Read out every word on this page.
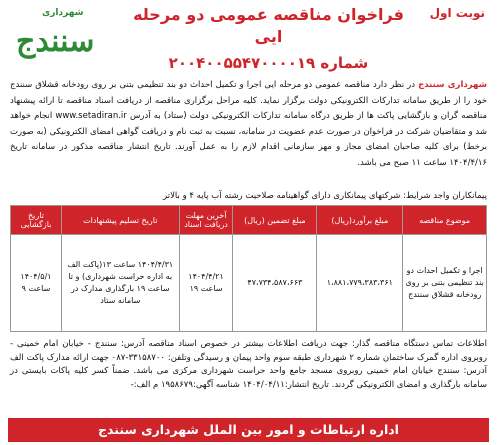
نوبت اول
فراخوان مناقصه عمومی دو مرحله ایی
شماره ۲۰۰۴۰۰۵۵۴۷۰۰۰۰۱۹
شهرداری
سنندج
شهرداری سنندج در نظر دارد مناقصه عمومی دو مرحله ایی اجرا و تکمیل احداث دو بند تنظیمی بتنی بر روی رودخانه قشلاق سنندج خود را از طریق سامانه تدارکات الکترونیکی دولت برگزار نماید. کلیه مراحل برگزاری مناقصه از دریافت اسناد مناقصه تا ارائه پیشنهاد مناقصه گران و بازگشایی پاکت ها از طریق درگاه سامانه تدارکات الکترونیکی دولت (ستاد) به آدرس www.setadiran.ir انجام خواهد شد و متقاضیان شرکت در فراخوان در صورت عدم عضویت در سامانه، نسبت به ثبت نام و دریافت گواهی امضای الکترونیکی (به صورت برخط) برای کلیه صاحبان امضای مجاز و مهر سازمانی اقدام لازم را به عمل آورند. تاریخ انتشار مناقصه مذکور در سامانه تاریخ ۱۴۰۴/۴/۱۶ ساعت ۱۱ صبح می باشد.
پیمانکاران واجد شرایط: شرکتهای پیمانکاری دارای گواهینامه صلاحیت رشته آب پایه ۴ و بالاتر
موضوع مناقصه	مبلغ برآورد(ریال)	مبلغ تضمین (ریال)	آخرین مهلت دریافت اسناد	تاریخ تسلیم پیشنهادات	تاریخ بازگشایی
اجرا و تکمیل احداث دو بند تنظیمی بتنی بر روی رودخانه قشلاق سنندج	۱،۸۸۱،۷۷۹،۳۸۳،۳۶۱	۴۷،۷۳۴،۵۸۷،۶۶۳	۱۴۰۴/۴/۲۱ ساعت ۱۹	۱۴۰۴/۴/۳۱ ساعت ۱۳(پاکت الف به اداره حراست شهرداری) و تا ساعت ۱۹ بارگذاری مدارک در سامانه ستاد	۱۴۰۴/۵/۱ ساعت ۹
اطلاعات تماس دستگاه مناقصه گذار: جهت دریافت اطلاعات بیشتر در خصوص اسناد مناقصه آدرس: سنندج - خیابان امام خمینی - روبروی اداره گمرک ساختمان شماره ۲ شهرداری طبقه سوم واحد پیمان و رسیدگی وتلفن: ۳۳۱۵۸۷۰۰-۰۸۷ جهت ارائه مدارک پاکت الف آدرس: سنندج خیابان امام خمینی روبروی مسجد جامع واحد حراست شهرداری مرکزی می باشد. ضمناً کسر کلیه پاکات بایستی در سامانه بارگذاری و امضای الکترونیکی گردند. تاریخ انتشار:۱۴۰۴/۰۴/۱۱ شناسه آگهی:۱۹۵۸۶۷۹ م الف:-
اداره ارتباطات و امور بین الملل شهرداری سنندج
